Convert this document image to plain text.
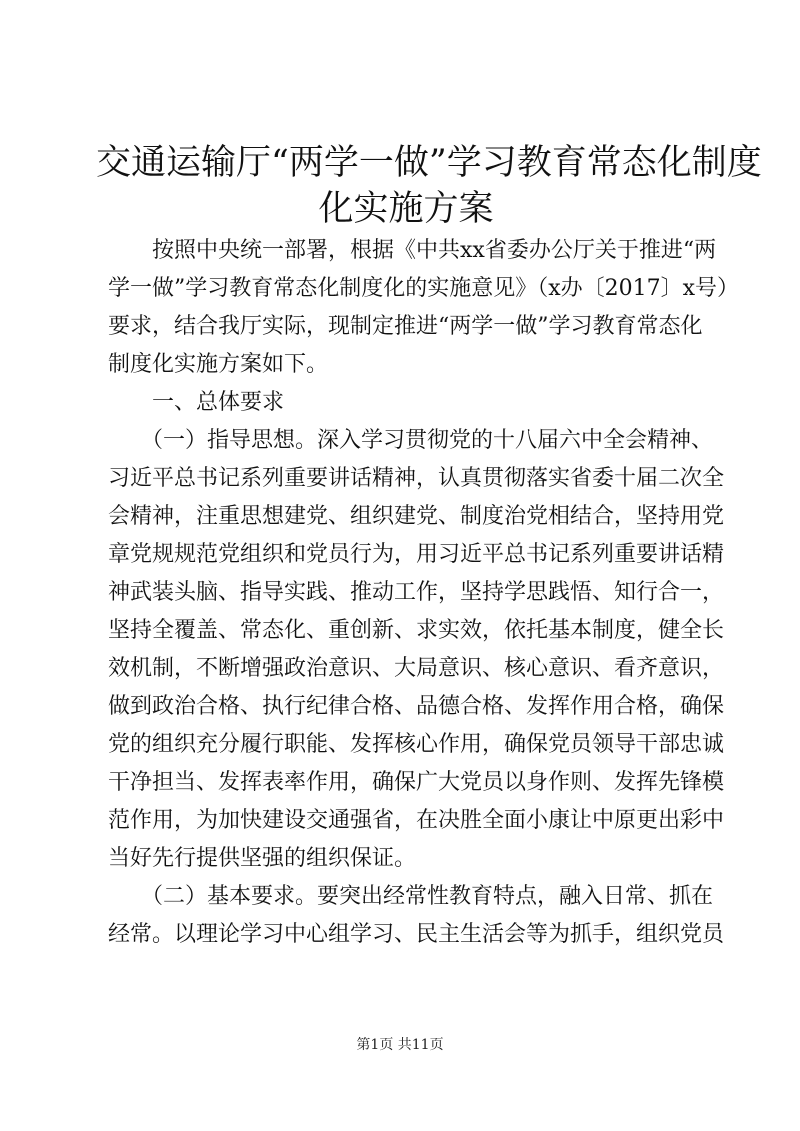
交通运输厅“两学一做”学习教育常态化制度
化实施方案
　　按照中央统一部署，根据《中共xx省委办公厅关于推进“两
学一做”学习教育常态化制度化的实施意见》（x办〔2017〕x号）
要求，结合我厅实际，现制定推进“两学一做”学习教育常态化
制度化实施方案如下。
　　一、总体要求
　　（一）指导思想。深入学习贯彻党的十八届六中全会精神、
习近平总书记系列重要讲话精神，认真贯彻落实省委十届二次全
会精神，注重思想建党、组织建党、制度治党相结合，坚持用党
章党规规范党组织和党员行为，用习近平总书记系列重要讲话精
神武装头脑、指导实践、推动工作，坚持学思践悟、知行合一，
坚持全覆盖、常态化、重创新、求实效，依托基本制度，健全长
效机制，不断增强政治意识、大局意识、核心意识、看齐意识，
做到政治合格、执行纪律合格、品德合格、发挥作用合格，确保
党的组织充分履行职能、发挥核心作用，确保党员领导干部忠诚
干净担当、发挥表率作用，确保广大党员以身作则、发挥先锋模
范作用，为加快建设交通强省，在决胜全面小康让中原更出彩中
当好先行提供坚强的组织保证。
　　（二）基本要求。要突出经常性教育特点，融入日常、抓在
经常。以理论学习中心组学习、民主生活会等为抓手，组织党员
第1页 共11页
